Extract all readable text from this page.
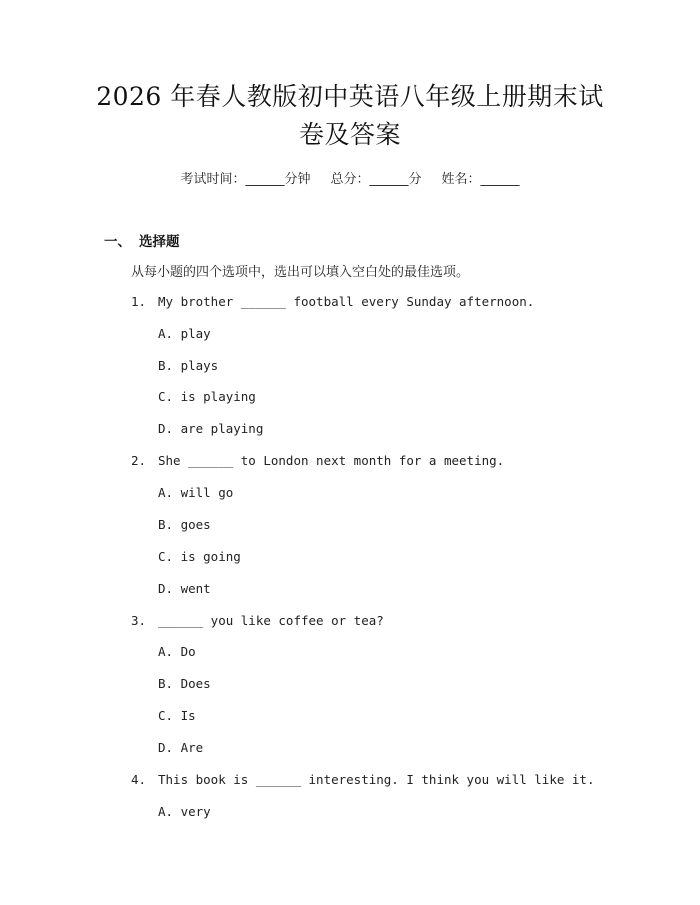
2026 年春人教版初中英语八年级上册期末试
卷及答案
考试时间：______分钟 总分：______分 姓名：______
一、 选择题
从每小题的四个选项中，选出可以填入空白处的最佳选项。
1. My brother ______ football every Sunday afternoon.
A. play
B. plays
C. is playing
D. are playing
2. She ______ to London next month for a meeting.
A. will go
B. goes
C. is going
D. went
3. ______ you like coffee or tea?
A. Do
B. Does
C. Is
D. Are
4. This book is ______ interesting. I think you will like it.
A. very
